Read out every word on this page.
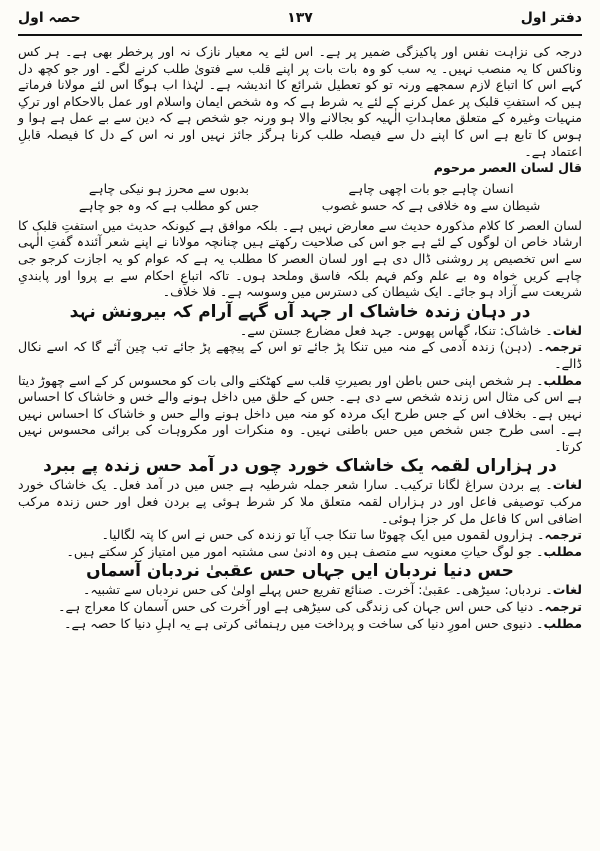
دفتر اول
۱۳۷
حصہ اول

درجہ کی نزاہت نفس اور پاکیزگی ضمیر پر ہے۔ اس لئے یہ معیار نازک نہ اور پرخطر بھی ہے۔ ہر کس وناکس کا یہ منصب نہیں۔ یہ سب کو وہ بات بات پر اپنے قلب سے فتویٰ طلب کرنے لگے۔ اور جو کچھ دل کہے اس کا اتباع لازم سمجھے ورنہ تو کو تعطیل شرائع کا اندیشہ ہے۔ لہٰذا اب ہوگا اس لئے مولانا فرماتے ہیں کہ استفتِ قلبک پر عمل کرنے کے لئے یہ شرط ہے کہ وہ شخص ایمان واسلام اور عمل بالاحکام اور ترکِ منہیات وغیرہ کے متعلق معاہداتِ الٰہیہ کو بجالانے والا ہو ورنہ جو شخص ہے کہ دین سے بے عمل ہے ہوا و ہوس کا تابع ہے اس کا اپنے دل سے فیصلہ طلب کرنا ہرگز جائز نہیں اور نہ اس کے دل کا فیصلہ قابلِ اعتماد ہے۔

قال لسان العصر مرحوم

انسان چاہے جو بات اچھی چاہے
بدبوں سے محرز ہو نیکی چاہے
شیطان سے وہ خلافی ہے کہ حسو غصوب
جس کو مطلب ہے کہ وہ جو چاہے

لسان العصر کا کلام مذکورہ حدیث سے معارض نہیں ہے۔ بلکہ موافق ہے کیونکہ حدیث میں استفتِ قلبک کا ارشاد خاص ان لوگوں کے لئے ہے جو اس کی صلاحیت رکھتے ہیں چنانچہ مولانا نے اپنے شعر آئندہ گفتِ الٰہی سے اس تخصیص پر روشنی ڈال دی ہے اور لسان العصر کا مطلب یہ ہے کہ عوام کو یہ اجازت کرجو جی چاہے کریں خواہ وہ بے علم وکم فہم بلکہ فاسق وملحد ہوں۔ تاکہ اتباعِ احکام سے بے پروا اور پابندیِ شریعت سے آزاد ہو جائے۔ ایک شیطان کی دسترس میں وسوسہ ہے۔ فلا خلاف۔

در دہان زندہ خاشاک ار جہد آں گہے آرام کہ بیرونش نہد

لغات۔ خاشاک: تنکا، گھاس پھوس۔ جہد فعل مضارع جستن سے۔

ترجمہ۔ (دہن) زندہ آدمی کے منہ میں تنکا پڑ جائے تو اس کے پیچھے پڑ جائے تب چین آئے گا کہ اسے نکال ڈالے۔

مطلب۔ ہر شخص اپنی حس باطن اور بصیرتِ قلب سے کھٹکنے والی بات کو محسوس کر کے اسے چھوڑ دیتا ہے اس کی مثال اس زندہ شخص سے دی ہے۔ جس کے حلق میں داخل ہونے والے خس و خاشاک کا احساس نہیں ہے۔ بخلاف اس کے جس طرح ایک مردہ کو منہ میں داخل ہونے والے حس و خاشاک کا احساس نہیں ہے۔ اسی طرح جس شخص میں حس باطنی نہیں۔ وہ منکرات اور مکروہات کی برائی محسوس نہیں کرتا۔

در ہزاراں لقمہ یک خاشاک خورد چوں در آمد حس زندہ پے ببرد

لغات۔ پے بردن سراغ لگانا ترکیب۔ سارا شعر جملہ شرطیہ ہے جس میں در آمد فعل۔ یک خاشاک خورد مرکب توصیفی فاعل اور در ہزاراں لقمہ متعلق ملا کر شرط ہوئی پے بردن فعل اور حس زندہ مرکب اضافی اس کا فاعل مل کر جزا ہوئی۔

ترجمہ۔ ہزاروں لقموں میں ایک چھوٹا سا تنکا جب آیا تو زندہ کی حس نے اس کا پتہ لگالیا۔

مطلب۔ جو لوگ حیاتِ معنویہ سے متصف ہیں وہ ادنیٰ سی مشتبہ امور میں امتیاز کر سکتے ہیں۔

حس دنیا نردبان ایں جہاں حس عقبیٰ نردبان آسماں

لغات۔ نردباں: سیڑھی۔ عقبیٰ: آخرت۔ صنائع تفریع حس پہلے اولیٰ کی حس نردباں سے تشبیہ۔

ترجمہ۔ دنیا کی حس اس جہان کی زندگی کی سیڑھی ہے اور آخرت کی حس آسمان کا معراج ہے۔

مطلب۔ دنیوی حس امورِ دنیا کی ساخت و پرداخت میں رہنمائی کرتی ہے یہ اہلِ دنیا کا حصہ ہے۔
